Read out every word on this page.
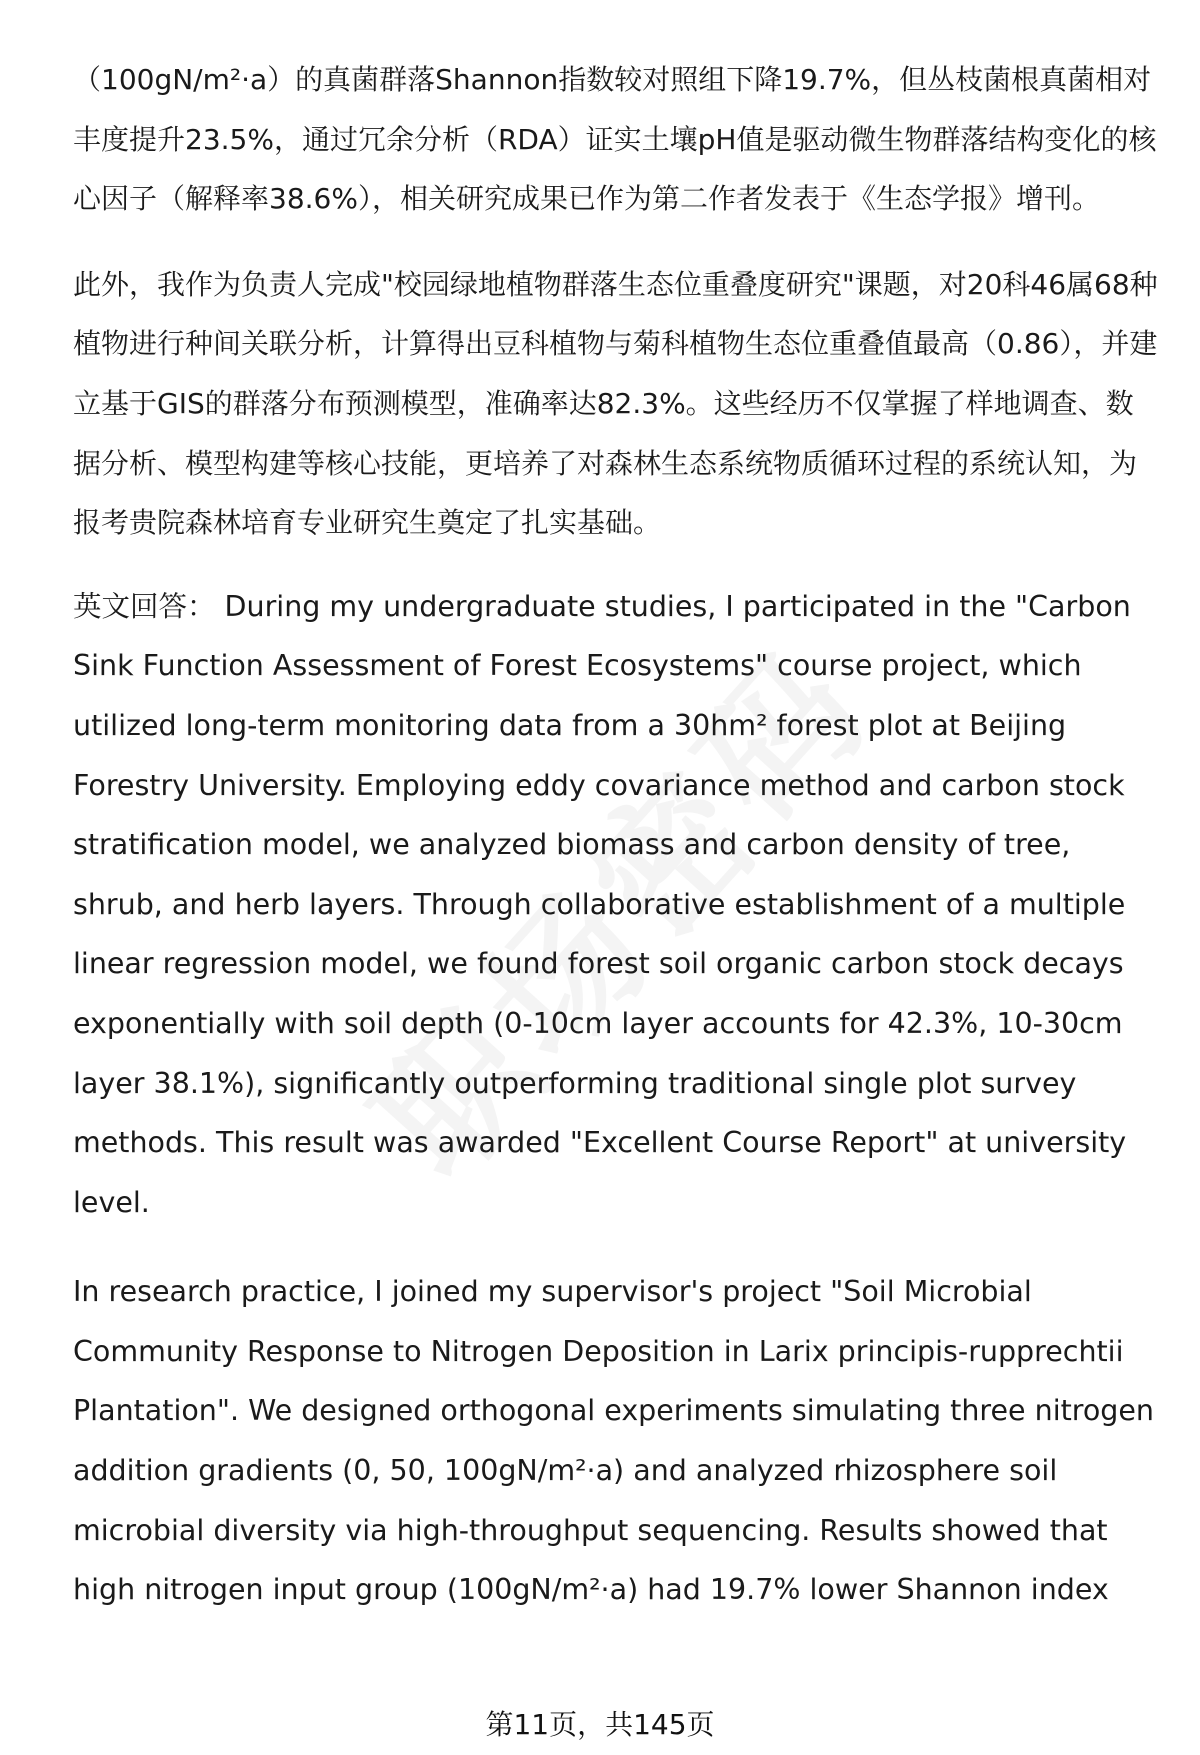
（100gN/m²·a）的真菌群落Shannon指数较对照组下降19.7%，但丛枝菌根真菌相对丰度提升23.5%，通过冗余分析（RDA）证实土壤pH值是驱动微生物群落结构变化的核心因子（解释率38.6%），相关研究成果已作为第二作者发表于《生态学报》增刊。

此外，我作为负责人完成"校园绿地植物群落生态位重叠度研究"课题，对20科46属68种植物进行种间关联分析，计算得出豆科植物与菊科植物生态位重叠值最高（0.86），并建立基于GIS的群落分布预测模型，准确率达82.3%。这些经历不仅掌握了样地调查、数据分析、模型构建等核心技能，更培养了对森林生态系统物质循环过程的系统认知，为报考贵院森林培育专业研究生奠定了扎实基础。

英文回答： During my undergraduate studies, I participated in the "Carbon Sink Function Assessment of Forest Ecosystems" course project, which utilized long-term monitoring data from a 30hm² forest plot at Beijing Forestry University. Employing eddy covariance method and carbon stock stratification model, we analyzed biomass and carbon density of tree, shrub, and herb layers. Through collaborative establishment of a multiple linear regression model, we found forest soil organic carbon stock decays exponentially with soil depth (0-10cm layer accounts for 42.3%, 10-30cm layer 38.1%), significantly outperforming traditional single plot survey methods. This result was awarded "Excellent Course Report" at university level.

In research practice, I joined my supervisor's project "Soil Microbial Community Response to Nitrogen Deposition in Larix principis-rupprechtii Plantation". We designed orthogonal experiments simulating three nitrogen addition gradients (0, 50, 100gN/m²·a) and analyzed rhizosphere soil microbial diversity via high-throughput sequencing. Results showed that high nitrogen input group (100gN/m²·a) had 19.7% lower Shannon index

第11页，共145页
